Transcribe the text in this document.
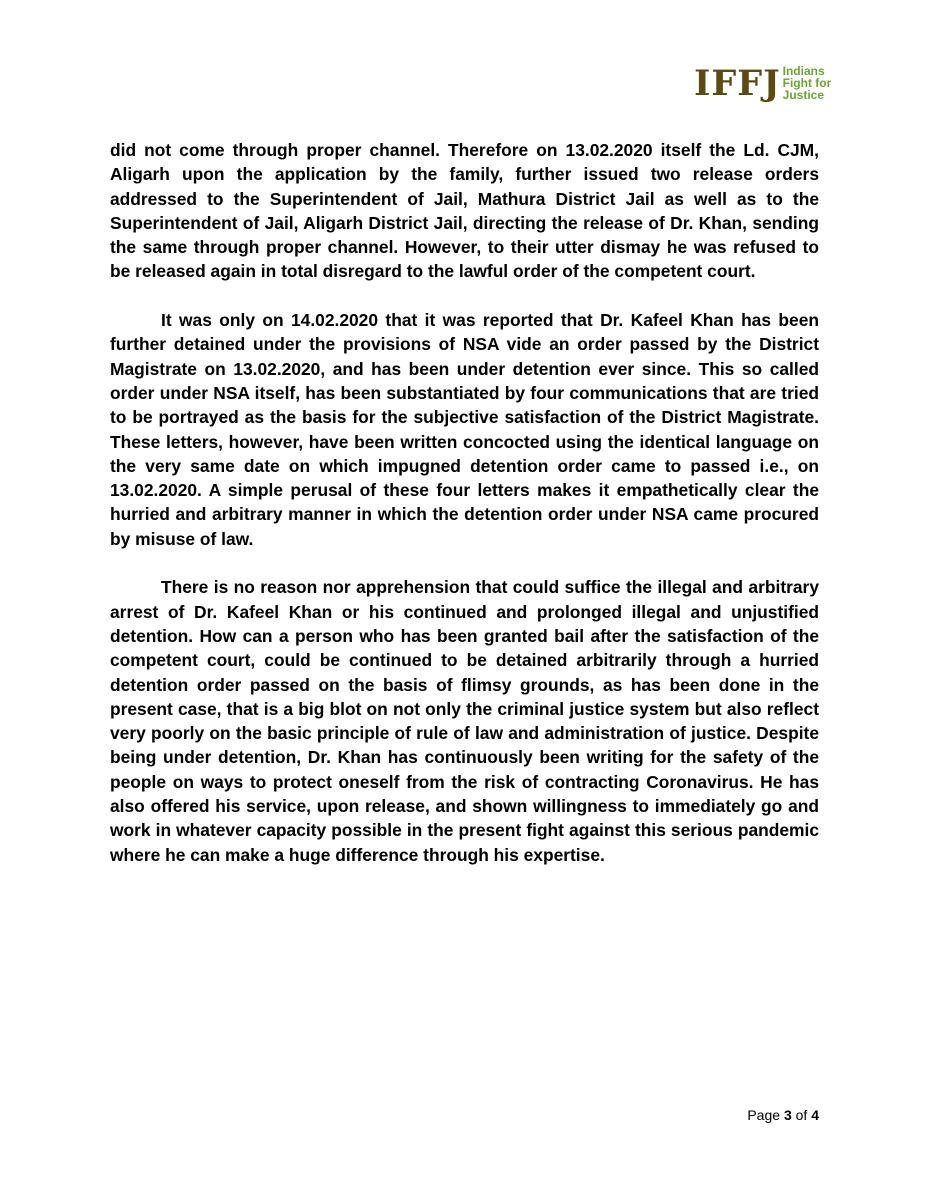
IFFJ Indians
Fight for
Justice

did not come through proper channel. Therefore on 13.02.2020 itself the Ld. CJM, Aligarh upon the application by the family, further issued two release orders addressed to the Superintendent of Jail, Mathura District Jail as well as to the Superintendent of Jail, Aligarh District Jail, directing the release of Dr. Khan, sending the same through proper channel. However, to their utter dismay he was refused to be released again in total disregard to the lawful order of the competent court.

It was only on 14.02.2020 that it was reported that Dr. Kafeel Khan has been further detained under the provisions of NSA vide an order passed by the District Magistrate on 13.02.2020, and has been under detention ever since. This so called order under NSA itself, has been substantiated by four communications that are tried to be portrayed as the basis for the subjective satisfaction of the District Magistrate. These letters, however, have been written concocted using the identical language on the very same date on which impugned detention order came to passed i.e., on 13.02.2020. A simple perusal of these four letters makes it empathetically clear the hurried and arbitrary manner in which the detention order under NSA came procured by misuse of law.

There is no reason nor apprehension that could suffice the illegal and arbitrary arrest of Dr. Kafeel Khan or his continued and prolonged illegal and unjustified detention. How can a person who has been granted bail after the satisfaction of the competent court, could be continued to be detained arbitrarily through a hurried detention order passed on the basis of flimsy grounds, as has been done in the present case, that is a big blot on not only the criminal justice system but also reflect very poorly on the basic principle of rule of law and administration of justice. Despite being under detention, Dr. Khan has continuously been writing for the safety of the people on ways to protect oneself from the risk of contracting Coronavirus. He has also offered his service, upon release, and shown willingness to immediately go and work in whatever capacity possible in the present fight against this serious pandemic where he can make a huge difference through his expertise.

Page 3 of 4
